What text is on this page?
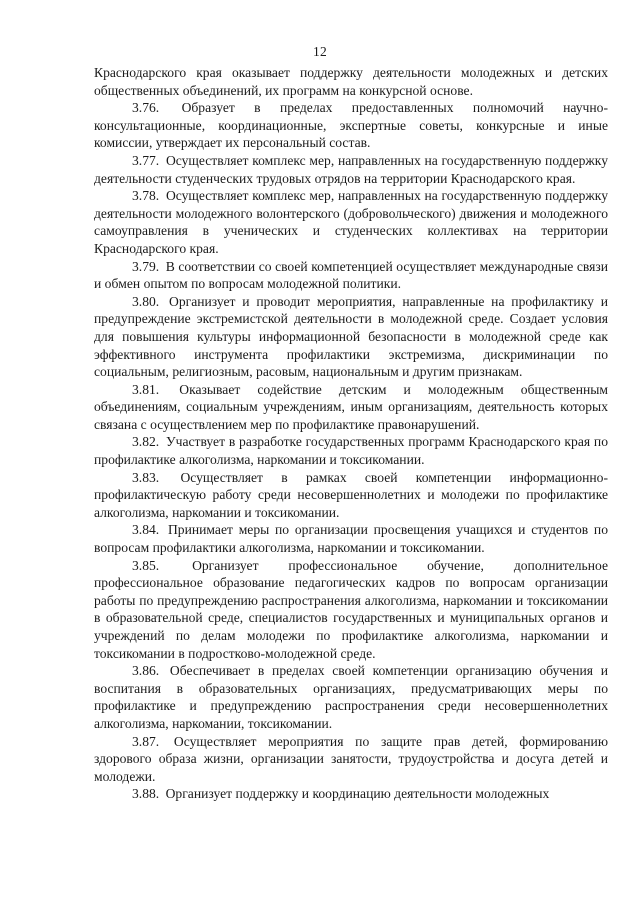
12

Краснодарского края оказывает поддержку деятельности молодежных и детских общественных объединений, их программ на конкурсной основе.

3.76. Образует в пределах предоставленных полномочий научно-консультационные, координационные, экспертные советы, конкурсные и иные комиссии, утверждает их персональный состав.

3.77. Осуществляет комплекс мер, направленных на государственную поддержку деятельности студенческих трудовых отрядов на территории Краснодарского края.

3.78. Осуществляет комплекс мер, направленных на государственную поддержку деятельности молодежного волонтерского (добровольческого) движения и молодежного самоуправления в ученических и студенческих коллективах на территории Краснодарского края.

3.79. В соответствии со своей компетенцией осуществляет международные связи и обмен опытом по вопросам молодежной политики.

3.80. Организует и проводит мероприятия, направленные на профилактику и предупреждение экстремистской деятельности в молодежной среде. Создает условия для повышения культуры информационной безопасности в молодежной среде как эффективного инструмента профилактики экстремизма, дискриминации по социальным, религиозным, расовым, национальным и другим признакам.

3.81. Оказывает содействие детским и молодежным общественным объединениям, социальным учреждениям, иным организациям, деятельность которых связана с осуществлением мер по профилактике правонарушений.

3.82. Участвует в разработке государственных программ Краснодарского края по профилактике алкоголизма, наркомании и токсикомании.

3.83. Осуществляет в рамках своей компетенции информационно-профилактическую работу среди несовершеннолетних и молодежи по профилактике алкоголизма, наркомании и токсикомании.

3.84. Принимает меры по организации просвещения учащихся и студентов по вопросам профилактики алкоголизма, наркомании и токсикомании.

3.85. Организует профессиональное обучение, дополнительное профессиональное образование педагогических кадров по вопросам организации работы по предупреждению распространения алкоголизма, наркомании и токсикомании в образовательной среде, специалистов государственных и муниципальных органов и учреждений по делам молодежи по профилактике алкоголизма, наркомании и токсикомании в подростково-молодежной среде.

3.86. Обеспечивает в пределах своей компетенции организацию обучения и воспитания в образовательных организациях, предусматривающих меры по профилактике и предупреждению распространения среди несовершеннолетних алкоголизма, наркомании, токсикомании.

3.87. Осуществляет мероприятия по защите прав детей, формированию здорового образа жизни, организации занятости, трудоустройства и досуга детей и молодежи.

3.88. Организует поддержку и координацию деятельности молодежных
